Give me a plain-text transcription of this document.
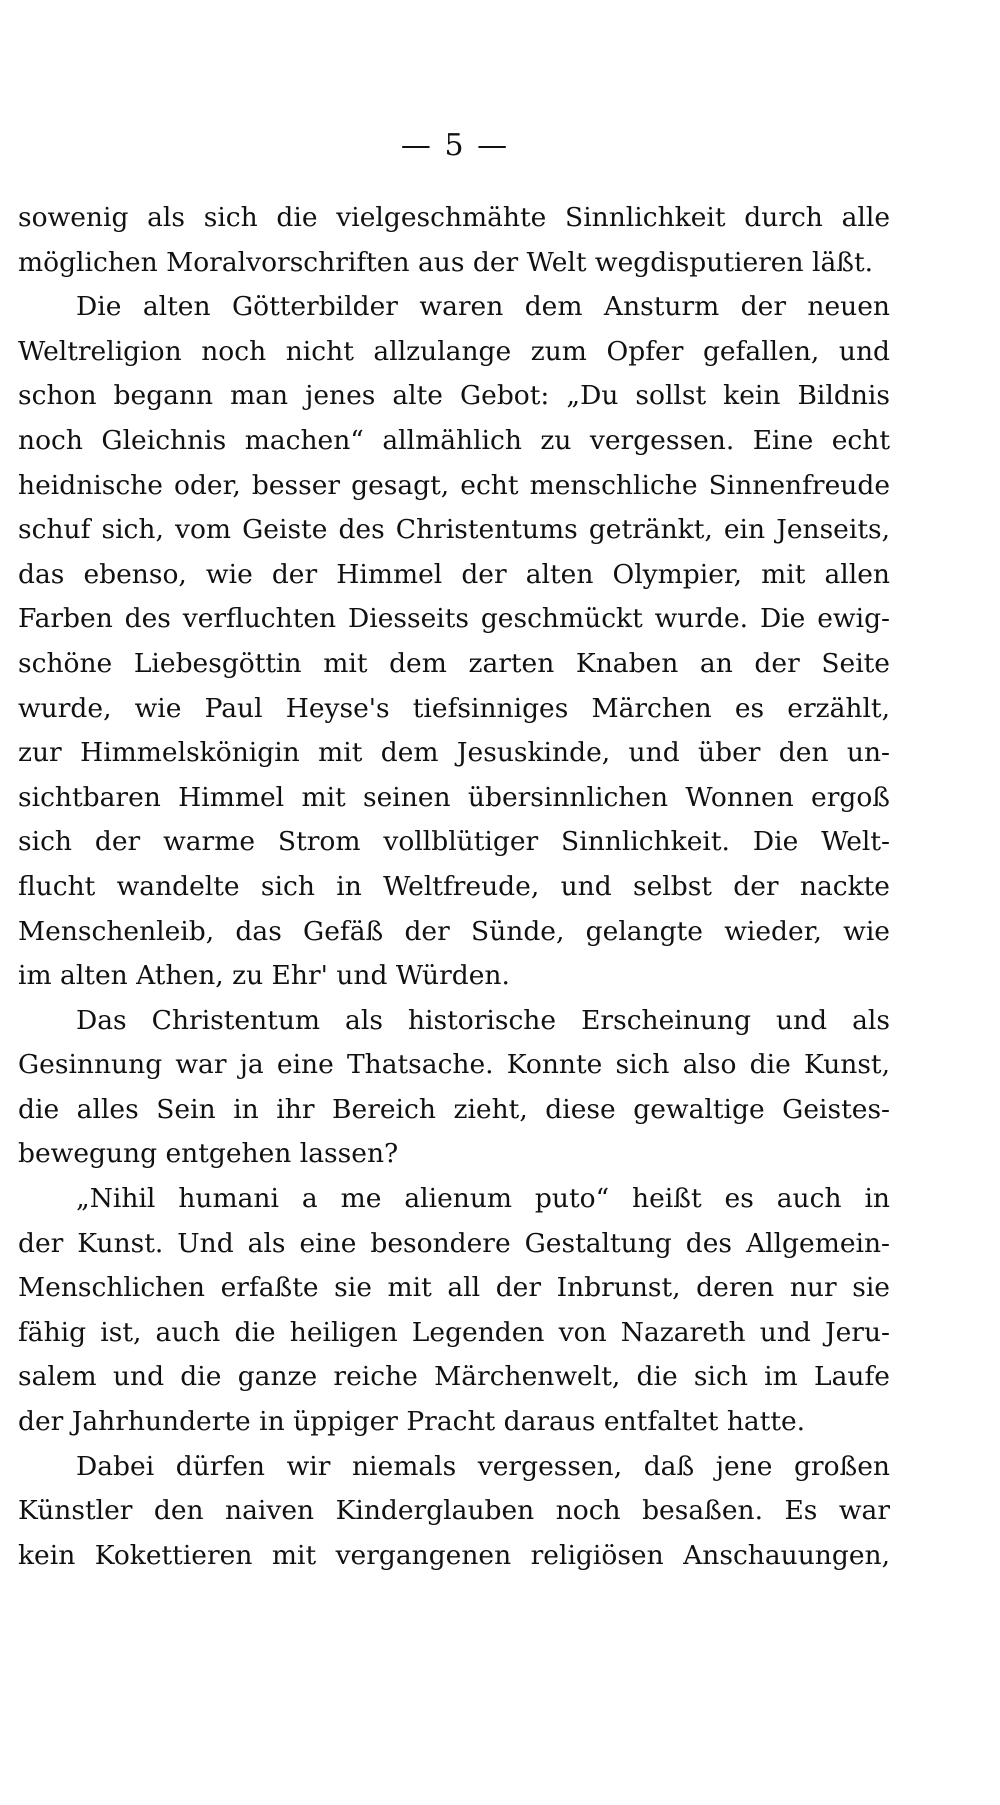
— 5 —
sowenig als sich die vielgeschmähte Sinnlichkeit durch alle
möglichen Moralvorschriften aus der Welt wegdisputieren läßt.
Die alten Götterbilder waren dem Ansturm der neuen
Weltreligion noch nicht allzulange zum Opfer gefallen, und
schon begann man jenes alte Gebot: „Du sollst kein Bildnis
noch Gleichnis machen“ allmählich zu vergessen. Eine echt
heidnische oder, besser gesagt, echt menschliche Sinnenfreude
schuf sich, vom Geiste des Christentums getränkt, ein Jenseits,
das ebenso, wie der Himmel der alten Olympier, mit allen
Farben des verfluchten Diesseits geschmückt wurde. Die ewig-
schöne Liebesgöttin mit dem zarten Knaben an der Seite
wurde, wie Paul Heyse's tiefsinniges Märchen es erzählt,
zur Himmelskönigin mit dem Jesuskinde, und über den un-
sichtbaren Himmel mit seinen übersinnlichen Wonnen ergoß
sich der warme Strom vollblütiger Sinnlichkeit. Die Welt-
flucht wandelte sich in Weltfreude, und selbst der nackte
Menschenleib, das Gefäß der Sünde, gelangte wieder, wie
im alten Athen, zu Ehr' und Würden.
Das Christentum als historische Erscheinung und als
Gesinnung war ja eine Thatsache. Konnte sich also die Kunst,
die alles Sein in ihr Bereich zieht, diese gewaltige Geistes-
bewegung entgehen lassen?
„Nihil humani a me alienum puto“ heißt es auch in
der Kunst. Und als eine besondere Gestaltung des Allgemein-
Menschlichen erfaßte sie mit all der Inbrunst, deren nur sie
fähig ist, auch die heiligen Legenden von Nazareth und Jeru-
salem und die ganze reiche Märchenwelt, die sich im Laufe
der Jahrhunderte in üppiger Pracht daraus entfaltet hatte.
Dabei dürfen wir niemals vergessen, daß jene großen
Künstler den naiven Kinderglauben noch besaßen. Es war
kein Kokettieren mit vergangenen religiösen Anschauungen,
